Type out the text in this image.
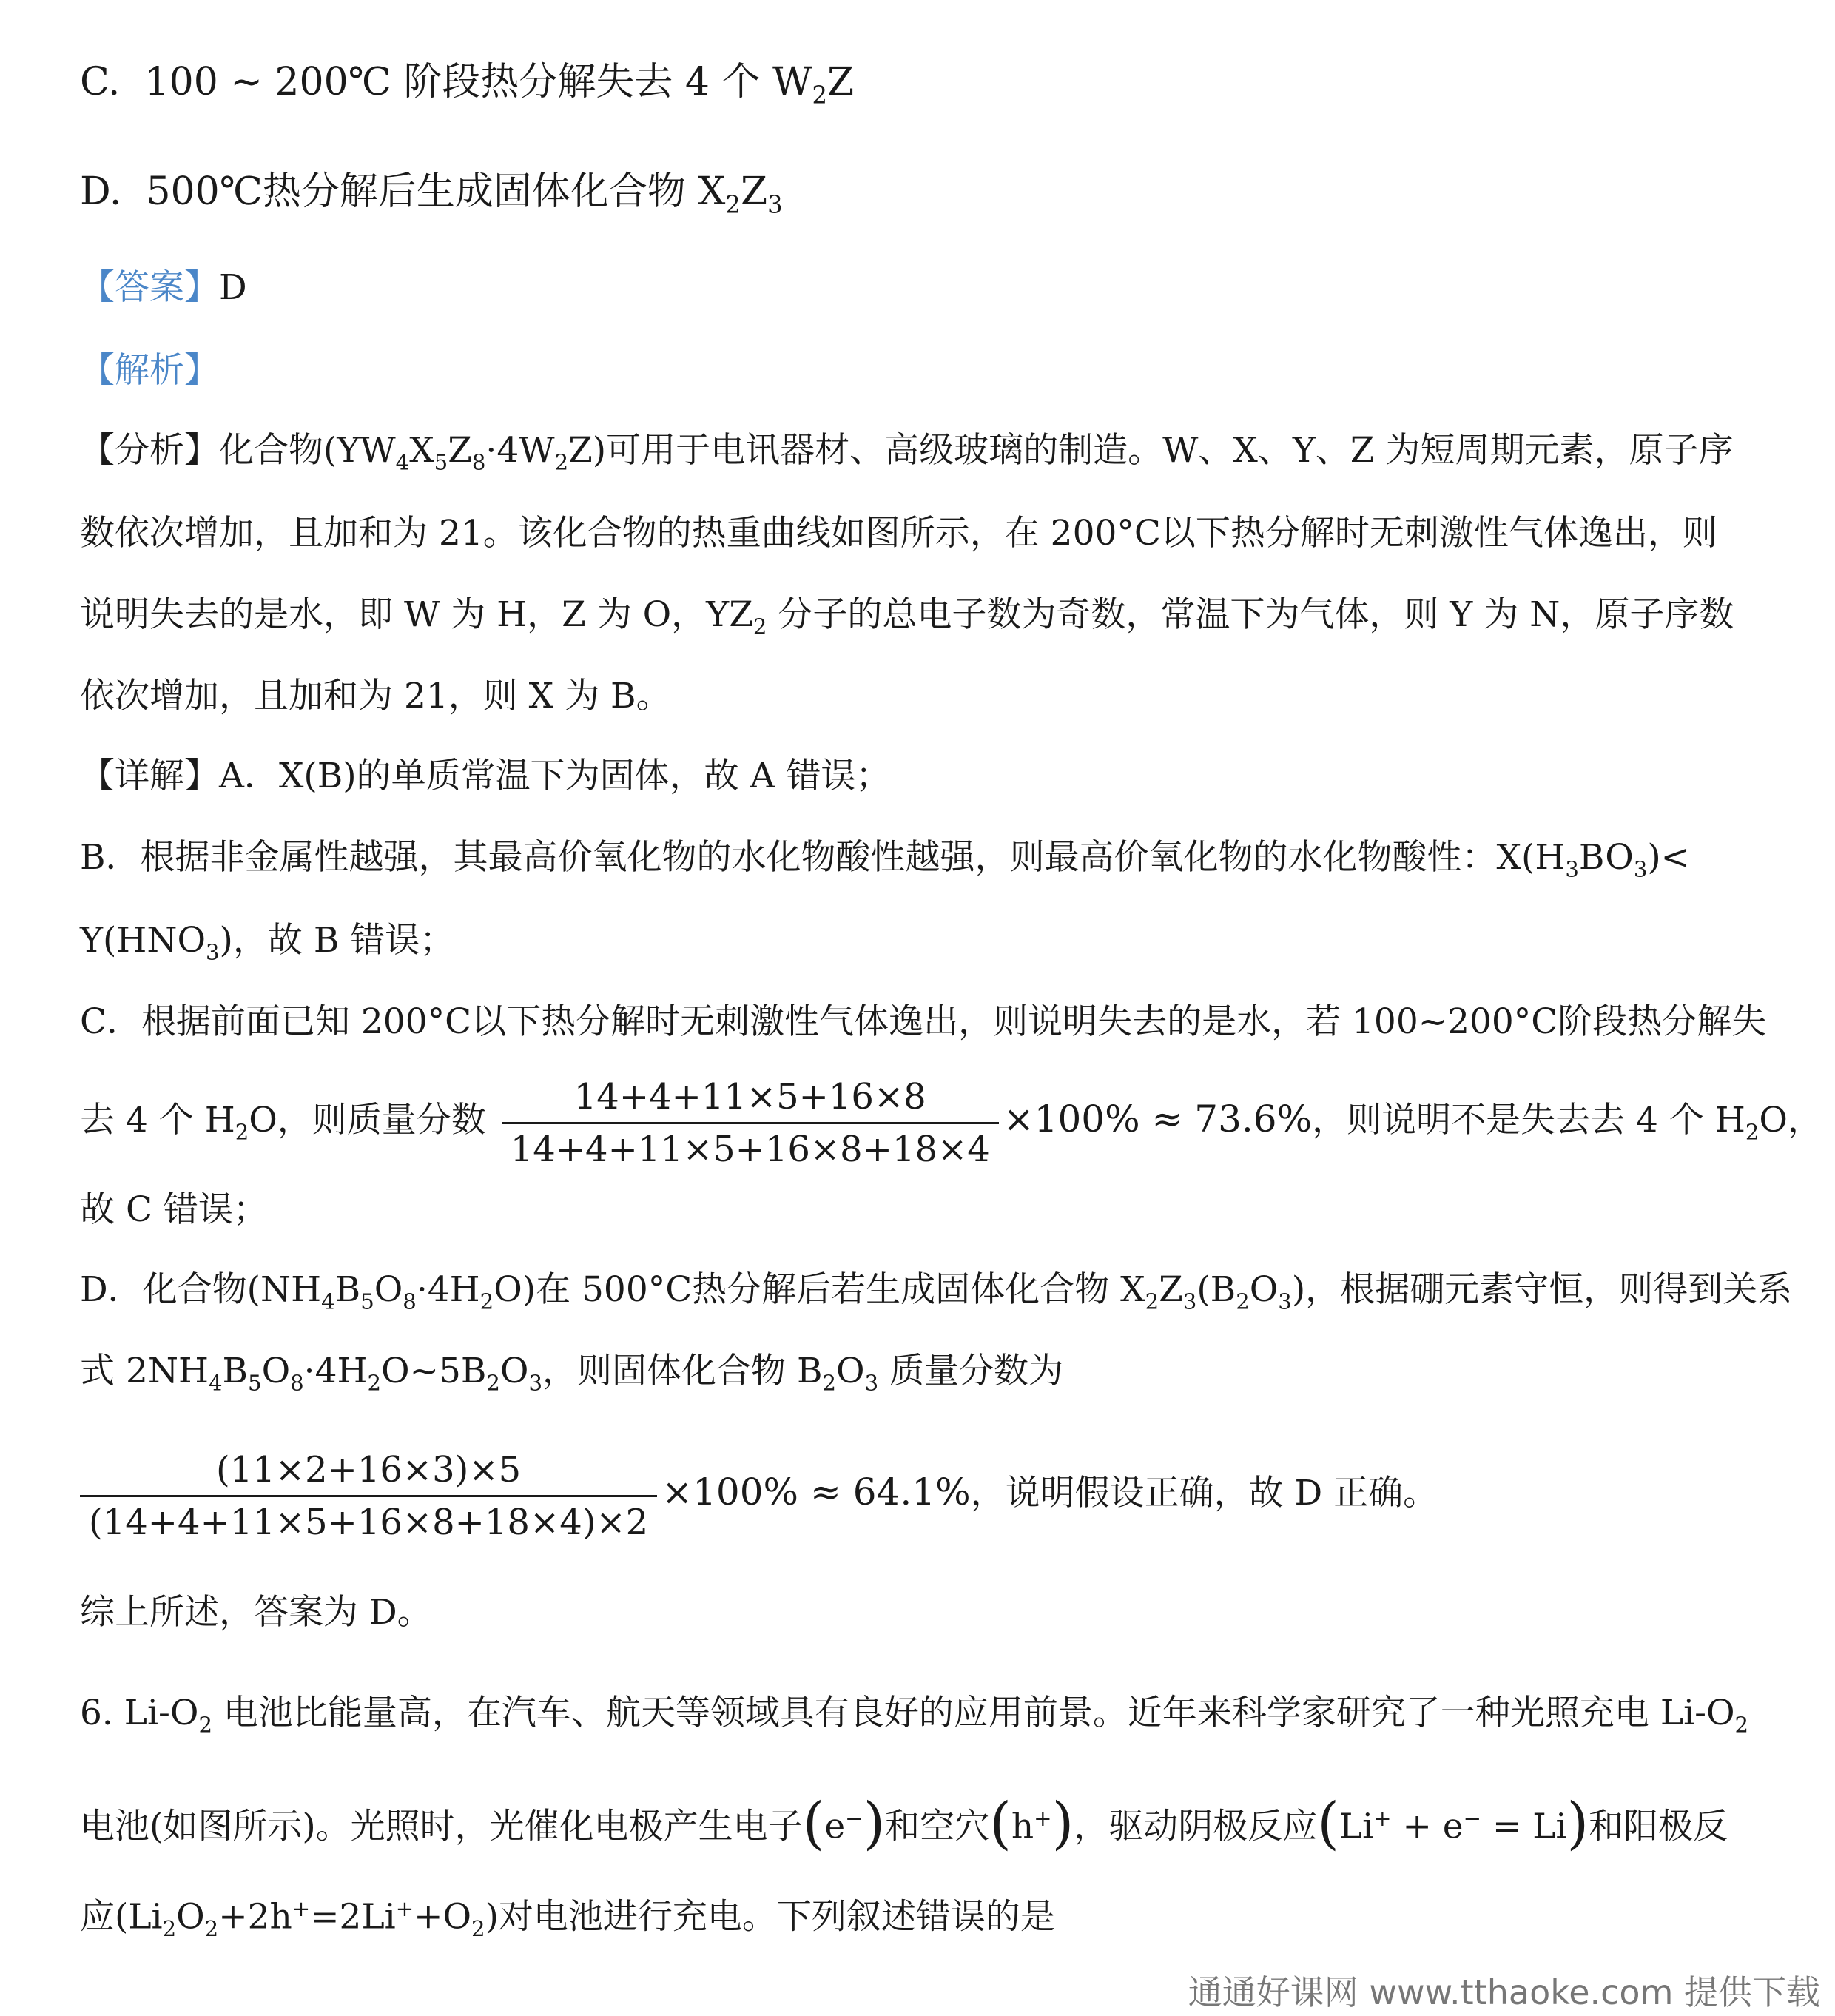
C. 100 ~ 200℃ 阶段热分解失去 4 个 $W_2Z$
D. 500℃热分解后生成固体化合物 $X_2Z_3$
【答案】D
【解析】
【分析】化合物$(YW_4X_5Z_8\cdot 4W_2Z)$可用于电讯器材、高级玻璃的制造。W、X、Y、Z 为短周期元素，原子序
数依次增加，且加和为 21。该化合物的热重曲线如图所示，在 200°C以下热分解时无刺激性气体逸出，则
说明失去的是水，即 W 为 H，Z 为 O，$YZ_2$ 分子的总电子数为奇数，常温下为气体，则 Y 为 N，原子序数
依次增加，且加和为 21，则 X 为 B。
【详解】A．X(B)的单质常温下为固体，故 A 错误；
B．根据非金属性越强，其最高价氧化物的水化物酸性越强，则最高价氧化物的水化物酸性：$X(H_3BO_3)<$
$Y(HNO_3)$，故 B 错误；
C．根据前面已知 200°C以下热分解时无刺激性气体逸出，则说明失去的是水，若 100~200°C阶段热分解失
去 4 个 $H_2O$，则质量分数 $\frac{14+4+11\times 5+16\times 8}{14+4+11\times 5+16\times 8+18\times 4} \times 100\% \approx 73.6\%$，则说明不是失去去 4 个 $H_2O$，
故 C 错误；
D．化合物$(NH_4B_5O_8\cdot 4H_2O)$在 500°C热分解后若生成固体化合物 $X_2Z_3(B_2O_3)$，根据硼元素守恒，则得到关系
式 $2NH_4B_5O_8\cdot 4H_2O\sim 5B_2O_3$，则固体化合物 $B_2O_3$ 质量分数为
$\frac{(11\times 2+16\times 3)\times 5}{(14+4+11\times 5+16\times 8+18\times 4)\times 2} \times 100\% \approx 64.1\%$，说明假设正确，故 D 正确。
综上所述，答案为 D。
6. $Li-O_2$ 电池比能量高，在汽车、航天等领域具有良好的应用前景。近年来科学家研究了一种光照充电 $Li-O_2$
电池(如图所示)。光照时，光催化电极产生电子(e−)和空穴(h+)，驱动阴极反应(Li+ + e− = Li)和阳极反
应$(Li_2O_2+2h^+=2Li^++O_2)$对电池进行充电。下列叙述错误的是
通通好课网 www.tthaoke.com 提供下载
